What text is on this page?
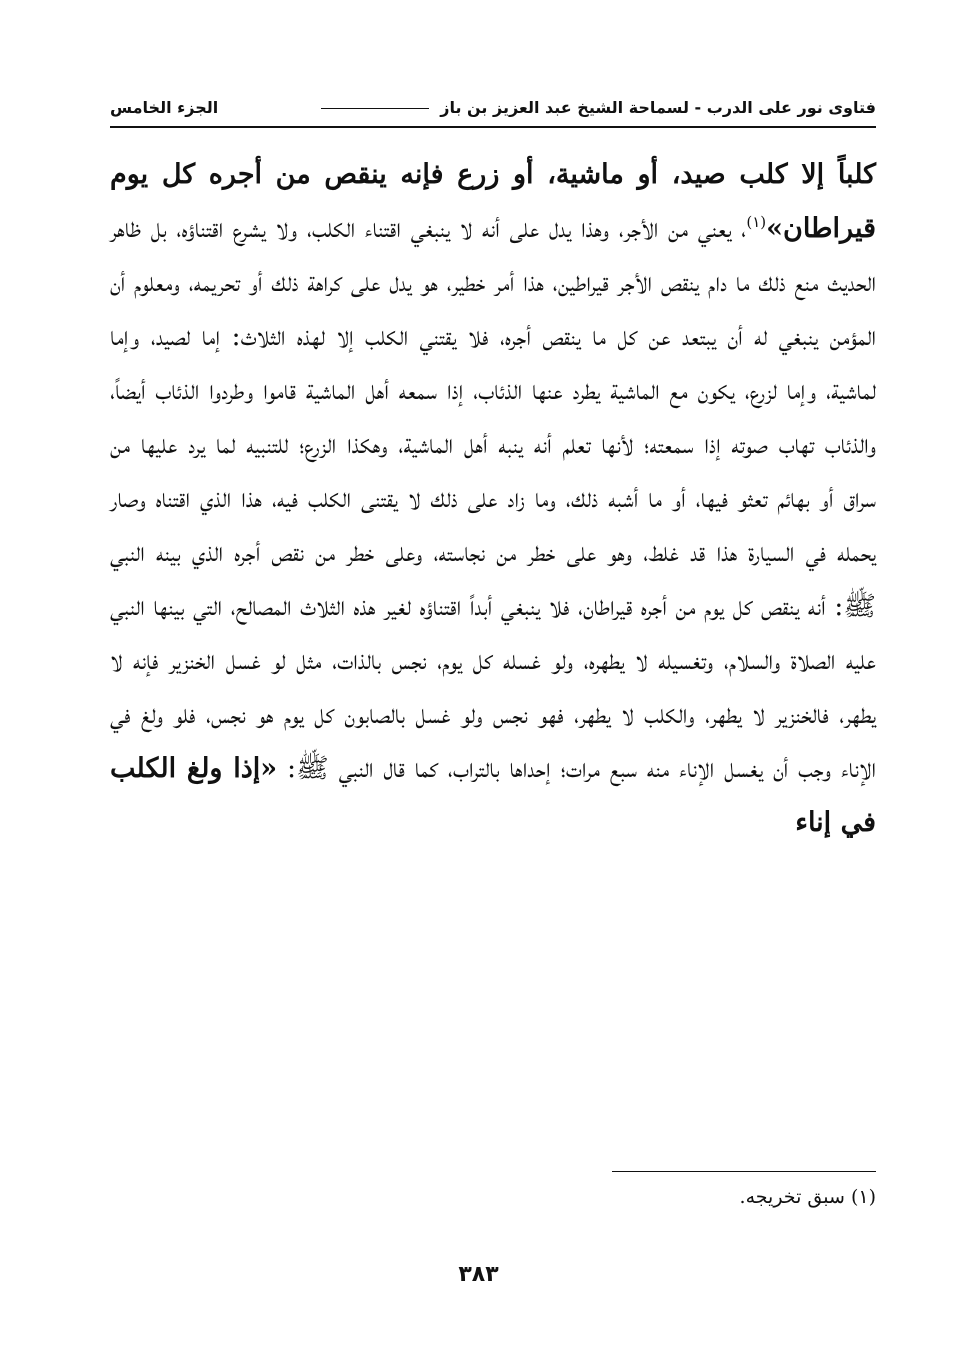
فتاوى نور على الدرب - لسماحة الشيخ عبد العزيز بن باز
الجزء الخامس
كلباً إلا كلب صيد، أو ماشية، أو زرع فإنه ينقص من أجره كل يوم قيراطان»$^{(١)}$، يعني من الأجر، وهذا يدل على أنه لا ينبغي اقتناء الكلب، ولا يشرع اقتناؤه، بل ظاهر الحديث منع ذلك ما دام ينقص الأجر قيراطين، هذا أمر خطير، هو يدل على كراهة ذلك أو تحريمه، ومعلوم أن المؤمن ينبغي له أن يبتعد عن كل ما ينقص أجره، فلا يقتني الكلب إلا لهذه الثلاث: إما لصيد، وإما لماشية، وإما لزرع، يكون مع الماشية يطرد عنها الذئاب، إذا سمعه أهل الماشية قاموا وطردوا الذئاب أيضاً، والذئاب تهاب صوته إذا سمعته؛ لأنها تعلم أنه ينبه أهل الماشية، وهكذا الزرع؛ للتنبيه لما يرد عليها من سراق أو بهائم تعثو فيها، أو ما أشبه ذلك، وما زاد على ذلك لا يقتنى الكلب فيه، هذا الذي اقتناه وصار يحمله في السيارة هذا قد غلط، وهو على خطر من نجاسته، وعلى خطر من نقص أجره الذي بينه النبي ﷺ: أنه ينقص كل يوم من أجره قيراطان، فلا ينبغي أبداً اقتناؤه لغير هذه الثلاث المصالح، التي بينها النبي عليه الصلاة والسلام، وتغسيله لا يطهره، ولو غسله كل يوم، نجس بالذات، مثل لو غسل الخنزير فإنه لا يطهر، فالخنزير لا يطهر، والكلب لا يطهر، فهو نجس ولو غسل بالصابون كل يوم هو نجس، فلو ولغ في الإناء وجب أن يغسل الإناء منه سبع مرات؛ إحداها بالتراب، كما قال النبي ﷺ: «إذا ولغ الكلب في إناء
(١) سبق تخريجه.
٣٨٣
